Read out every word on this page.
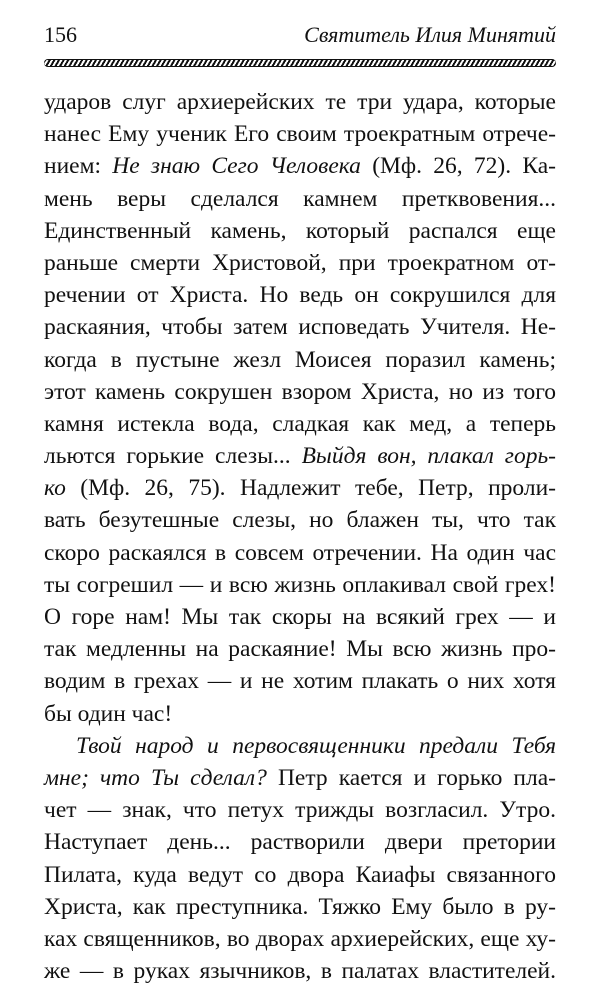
156	Святитель Илия Минятий
ударов слуг архиерейских те три удара, которые
нанес Ему ученик Его своим троекратным отрече-
нием: Не знаю Сего Человека (Мф. 26, 72). Ка-
мень веры сделался камнем претквовения...
Единственный камень, который распался еще
раньше смерти Христовой, при троекратном от-
речении от Христа. Но ведь он сокрушился для
раскаяния, чтобы затем исповедать Учителя. Не-
когда в пустыне жезл Моисея поразил камень;
этот камень сокрушен взором Христа, но из того
камня истекла вода, сладкая как мед, а теперь
льются горькие слезы... Выйдя вон, плакал горь-
ко (Мф. 26, 75). Надлежит тебе, Петр, проли-
вать безутешные слезы, но блажен ты, что так
скоро раскаялся в совсем отречении. На один час
ты согрешил — и всю жизнь оплакивал свой грех!
О горе нам! Мы так скоры на всякий грех — и
так медленны на раскаяние! Мы всю жизнь про-
водим в грехах — и не хотим плакать о них хотя
бы один час!
Твой народ и первосвященники предали Тебя
мне; что Ты сделал? Петр кается и горько пла-
чет — знак, что петух трижды возгласил. Утро.
Наступает день... растворили двери претории
Пилата, куда ведут со двора Каиафы связанного
Христа, как преступника. Тяжко Ему было в ру-
ках священников, во дворах архиерейских, еще ху-
же — в руках язычников, в палатах властителей.
